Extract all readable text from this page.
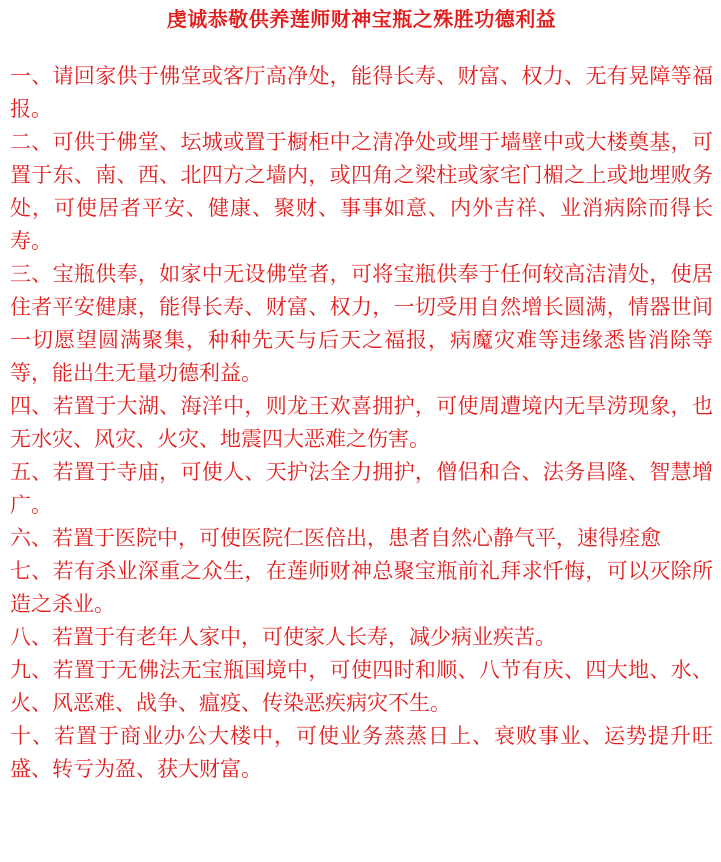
虔诚恭敬供养莲师财神宝瓶之殊胜功德利益

一、请回家供于佛堂或客厅高净处，能得长寿、财富、权力、无有晃障等福报。

二、可供于佛堂、坛城或置于橱柜中之清净处或埋于墙壁中或大楼奠基，可置于东、南、西、北四方之墙内，或四角之梁柱或家宅门楣之上或地埋败务处，可使居者平安、健康、聚财、事事如意、内外吉祥、业消病除而得长寿。

三、宝瓶供奉，如家中无设佛堂者，可将宝瓶供奉于任何较高洁清处，使居住者平安健康，能得长寿、财富、权力，一切受用自然增长圆满，情器世间一切愿望圆满聚集，种种先天与后天之福报，病魔灾难等违缘悉皆消除等等，能出生无量功德利益。

四、若置于大湖、海洋中，则龙王欢喜拥护，可使周遭境内无旱涝现象，也无水灾、风灾、火灾、地震四大恶难之伤害。

五、若置于寺庙，可使人、天护法全力拥护，僧侣和合、法务昌隆、智慧增广。

六、若置于医院中，可使医院仁医倍出，患者自然心静气平，速得痊愈

七、若有杀业深重之众生，在莲师财神总聚宝瓶前礼拜求忏悔，可以灭除所造之杀业。

八、若置于有老年人家中，可使家人长寿，减少病业疾苦。

九、若置于无佛法无宝瓶国境中，可使四时和顺、八节有庆、四大地、水、火、风恶难、战争、瘟疫、传染恶疾病灾不生。

十、若置于商业办公大楼中，可使业务蒸蒸日上、衰败事业、运势提升旺盛、转亏为盈、获大财富。
